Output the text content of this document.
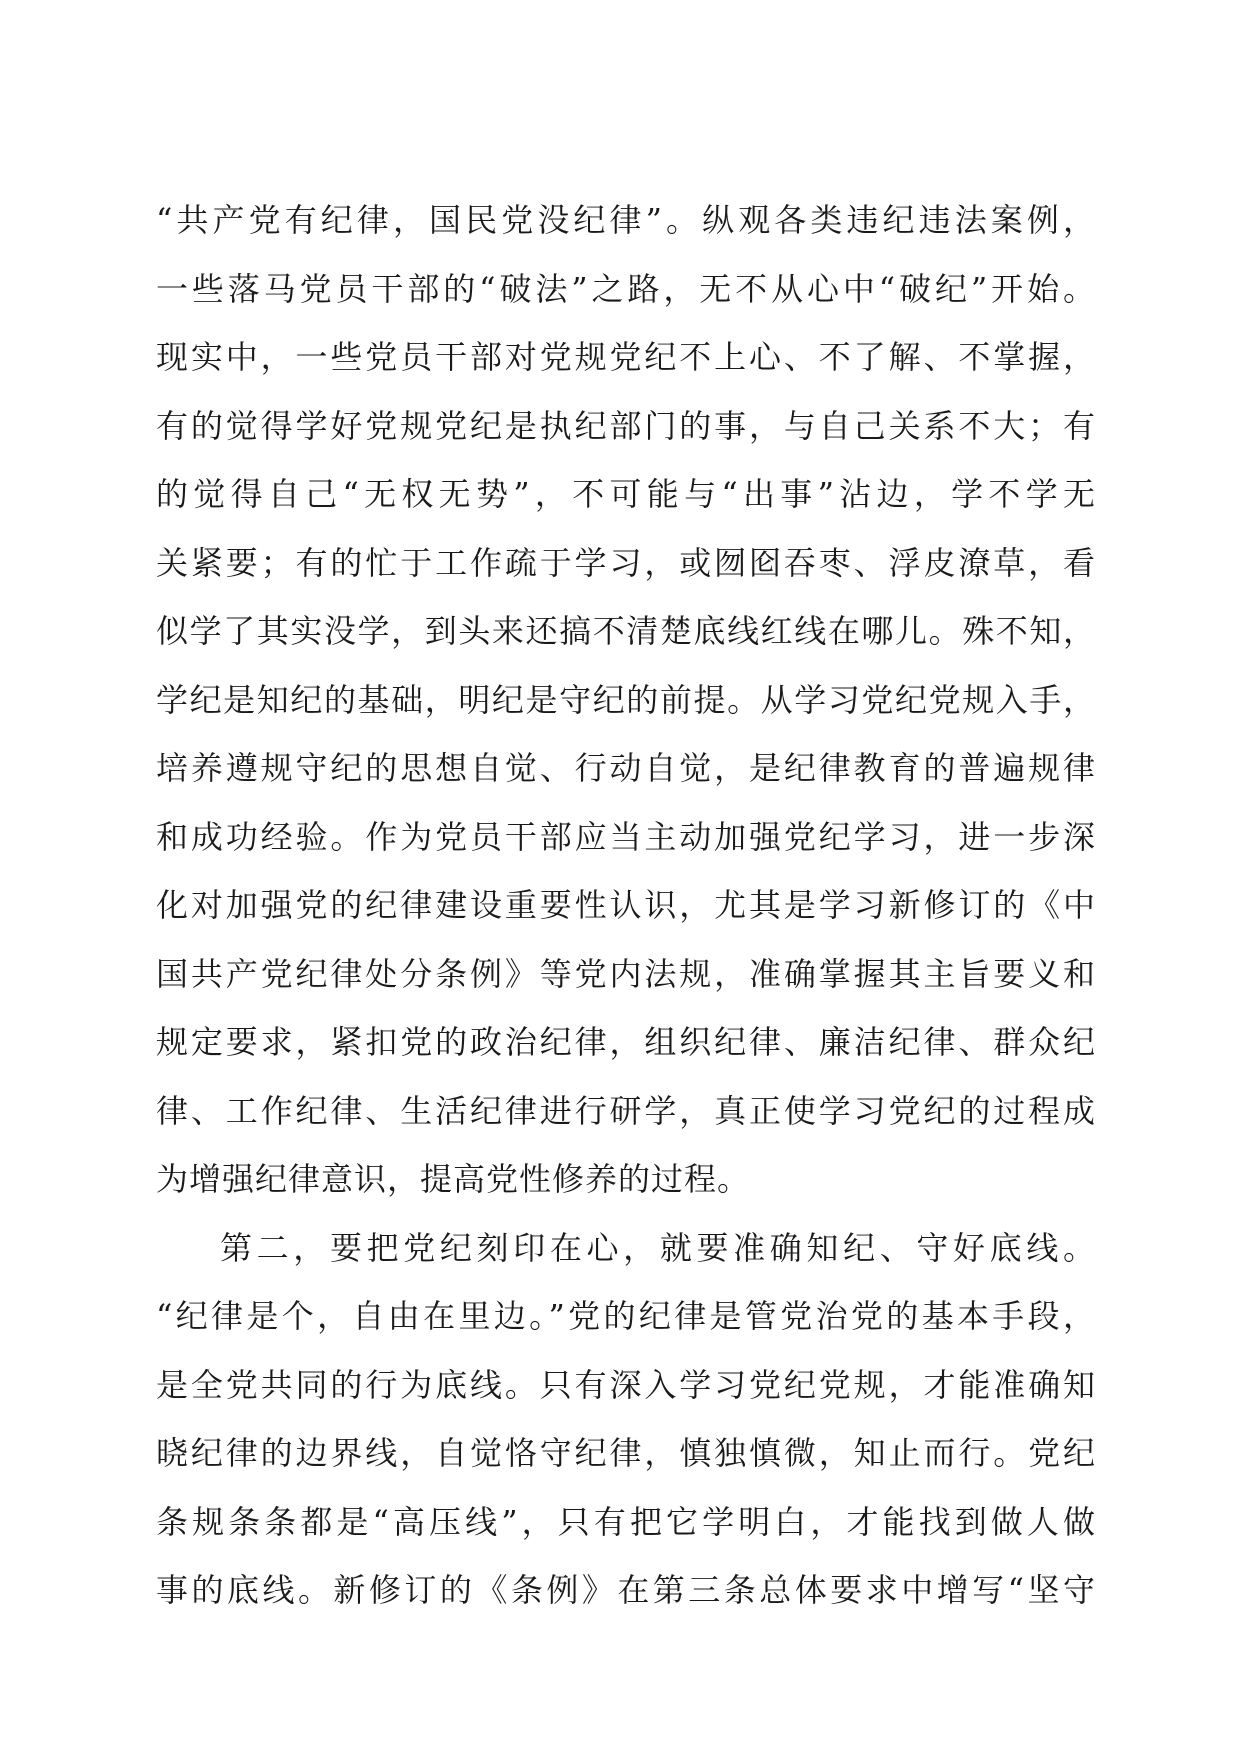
“共产党有纪律，国民党没纪律”。纵观各类违纪违法案例，
一些落马党员干部的“破法”之路，无不从心中“破纪”开始。
现实中，一些党员干部对党规党纪不上心、不了解、不掌握，
有的觉得学好党规党纪是执纪部门的事，与自己关系不大；有
的觉得自己“无权无势”，不可能与“出事”沾边，学不学无
关紧要；有的忙于工作疏于学习，或囫囵吞枣、浮皮潦草，看
似学了其实没学，到头来还搞不清楚底线红线在哪儿。殊不知，
学纪是知纪的基础，明纪是守纪的前提。从学习党纪党规入手，
培养遵规守纪的思想自觉、行动自觉，是纪律教育的普遍规律
和成功经验。作为党员干部应当主动加强党纪学习，进一步深
化对加强党的纪律建设重要性认识，尤其是学习新修订的《中
国共产党纪律处分条例》等党内法规，准确掌握其主旨要义和
规定要求，紧扣党的政治纪律，组织纪律、廉洁纪律、群众纪
律、工作纪律、生活纪律进行研学，真正使学习党纪的过程成
为增强纪律意识，提高党性修养的过程。
第二，要把党纪刻印在心，就要准确知纪、守好底线。
“纪律是个，自由在里边。”党的纪律是管党治党的基本手段，
是全党共同的行为底线。只有深入学习党纪党规，才能准确知
晓纪律的边界线，自觉恪守纪律，慎独慎微，知止而行。党纪
条规条条都是“高压线”，只有把它学明白，才能找到做人做
事的底线。新修订的《条例》在第三条总体要求中增写“坚守
